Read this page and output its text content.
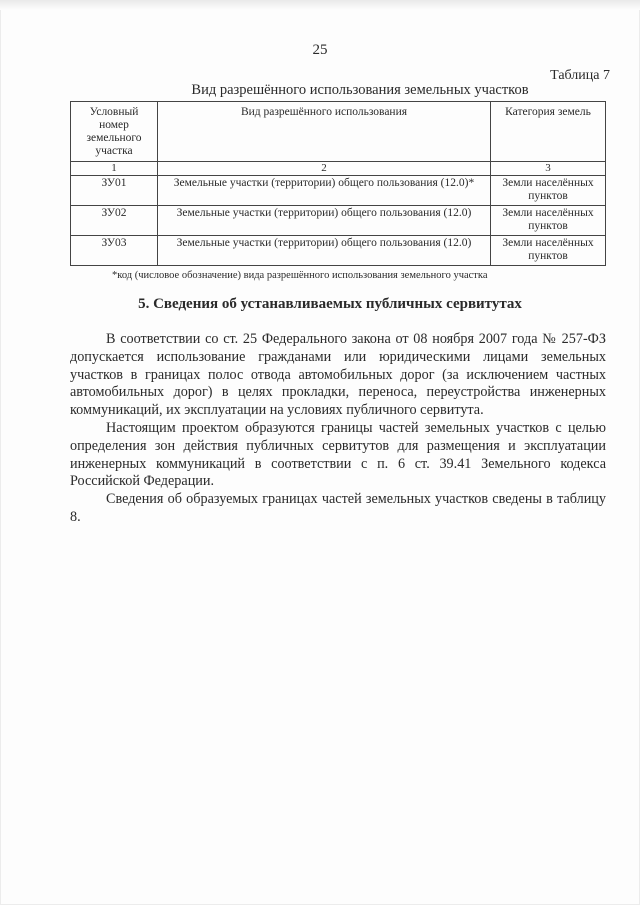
25
Таблица 7
Вид разрешённого использования земельных участков
Условный номер земельного участка	Вид разрешённого использования	Категория земель
1	2	3
ЗУ01	Земельные участки (территории) общего пользования (12.0)*	Земли населённых пунктов
ЗУ02	Земельные участки (территории) общего пользования (12.0)	Земли населённых пунктов
ЗУ03	Земельные участки (территории) общего пользования (12.0)	Земли населённых пунктов
*код (числовое обозначение) вида разрешённого использования земельного участка
5. Сведения об устанавливаемых публичных сервитутах

В соответствии со ст. 25 Федерального закона от 08 ноября 2007 года № 257-ФЗ допускается использование гражданами или юридическими лицами земельных участков в границах полос отвода автомобильных дорог (за исключением частных автомобильных дорог) в целях прокладки, переноса, переустройства инженерных коммуникаций, их эксплуатации на условиях публичного сервитута.

Настоящим проектом образуются границы частей земельных участков с целью определения зон действия публичных сервитутов для размещения и эксплуатации инженерных коммуникаций в соответствии с п. 6 ст. 39.41 Земельного кодекса Российской Федерации.

Сведения об образуемых границах частей земельных участков сведены в таблицу 8.
